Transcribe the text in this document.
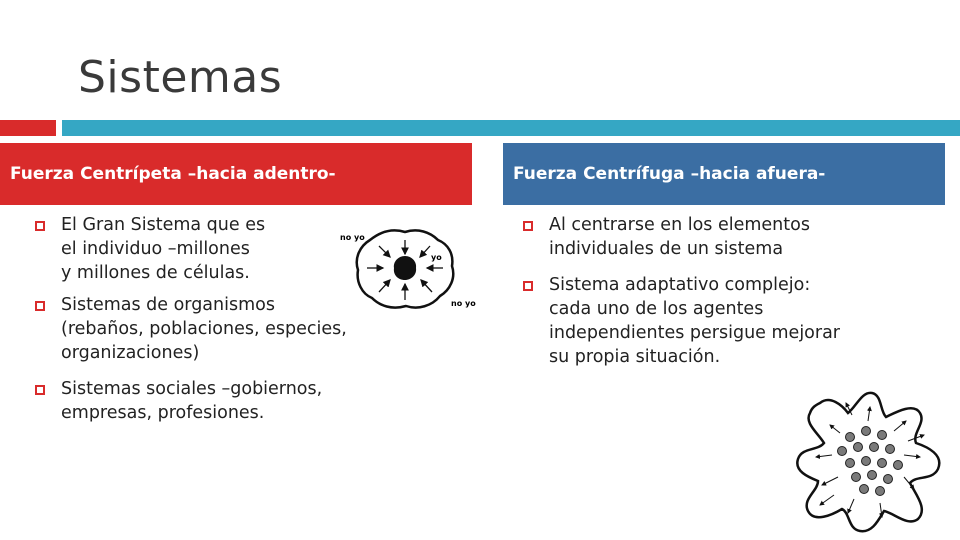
Sistemas
Fuerza Centrípeta –hacia adentro-	Fuerza Centrífuga –hacia afuera-
El Gran Sistema que es
el individuo –millones
y millones de células.
Sistemas de organismos
(rebaños, poblaciones, especies,
organizaciones)
Sistemas sociales –gobiernos,
empresas, profesiones.
Al centrarse en los elementos
individuales de un sistema
Sistema adaptativo complejo:
cada uno de los agentes
independientes persigue mejorar
su propia situación.
no yo
yo
no yo
